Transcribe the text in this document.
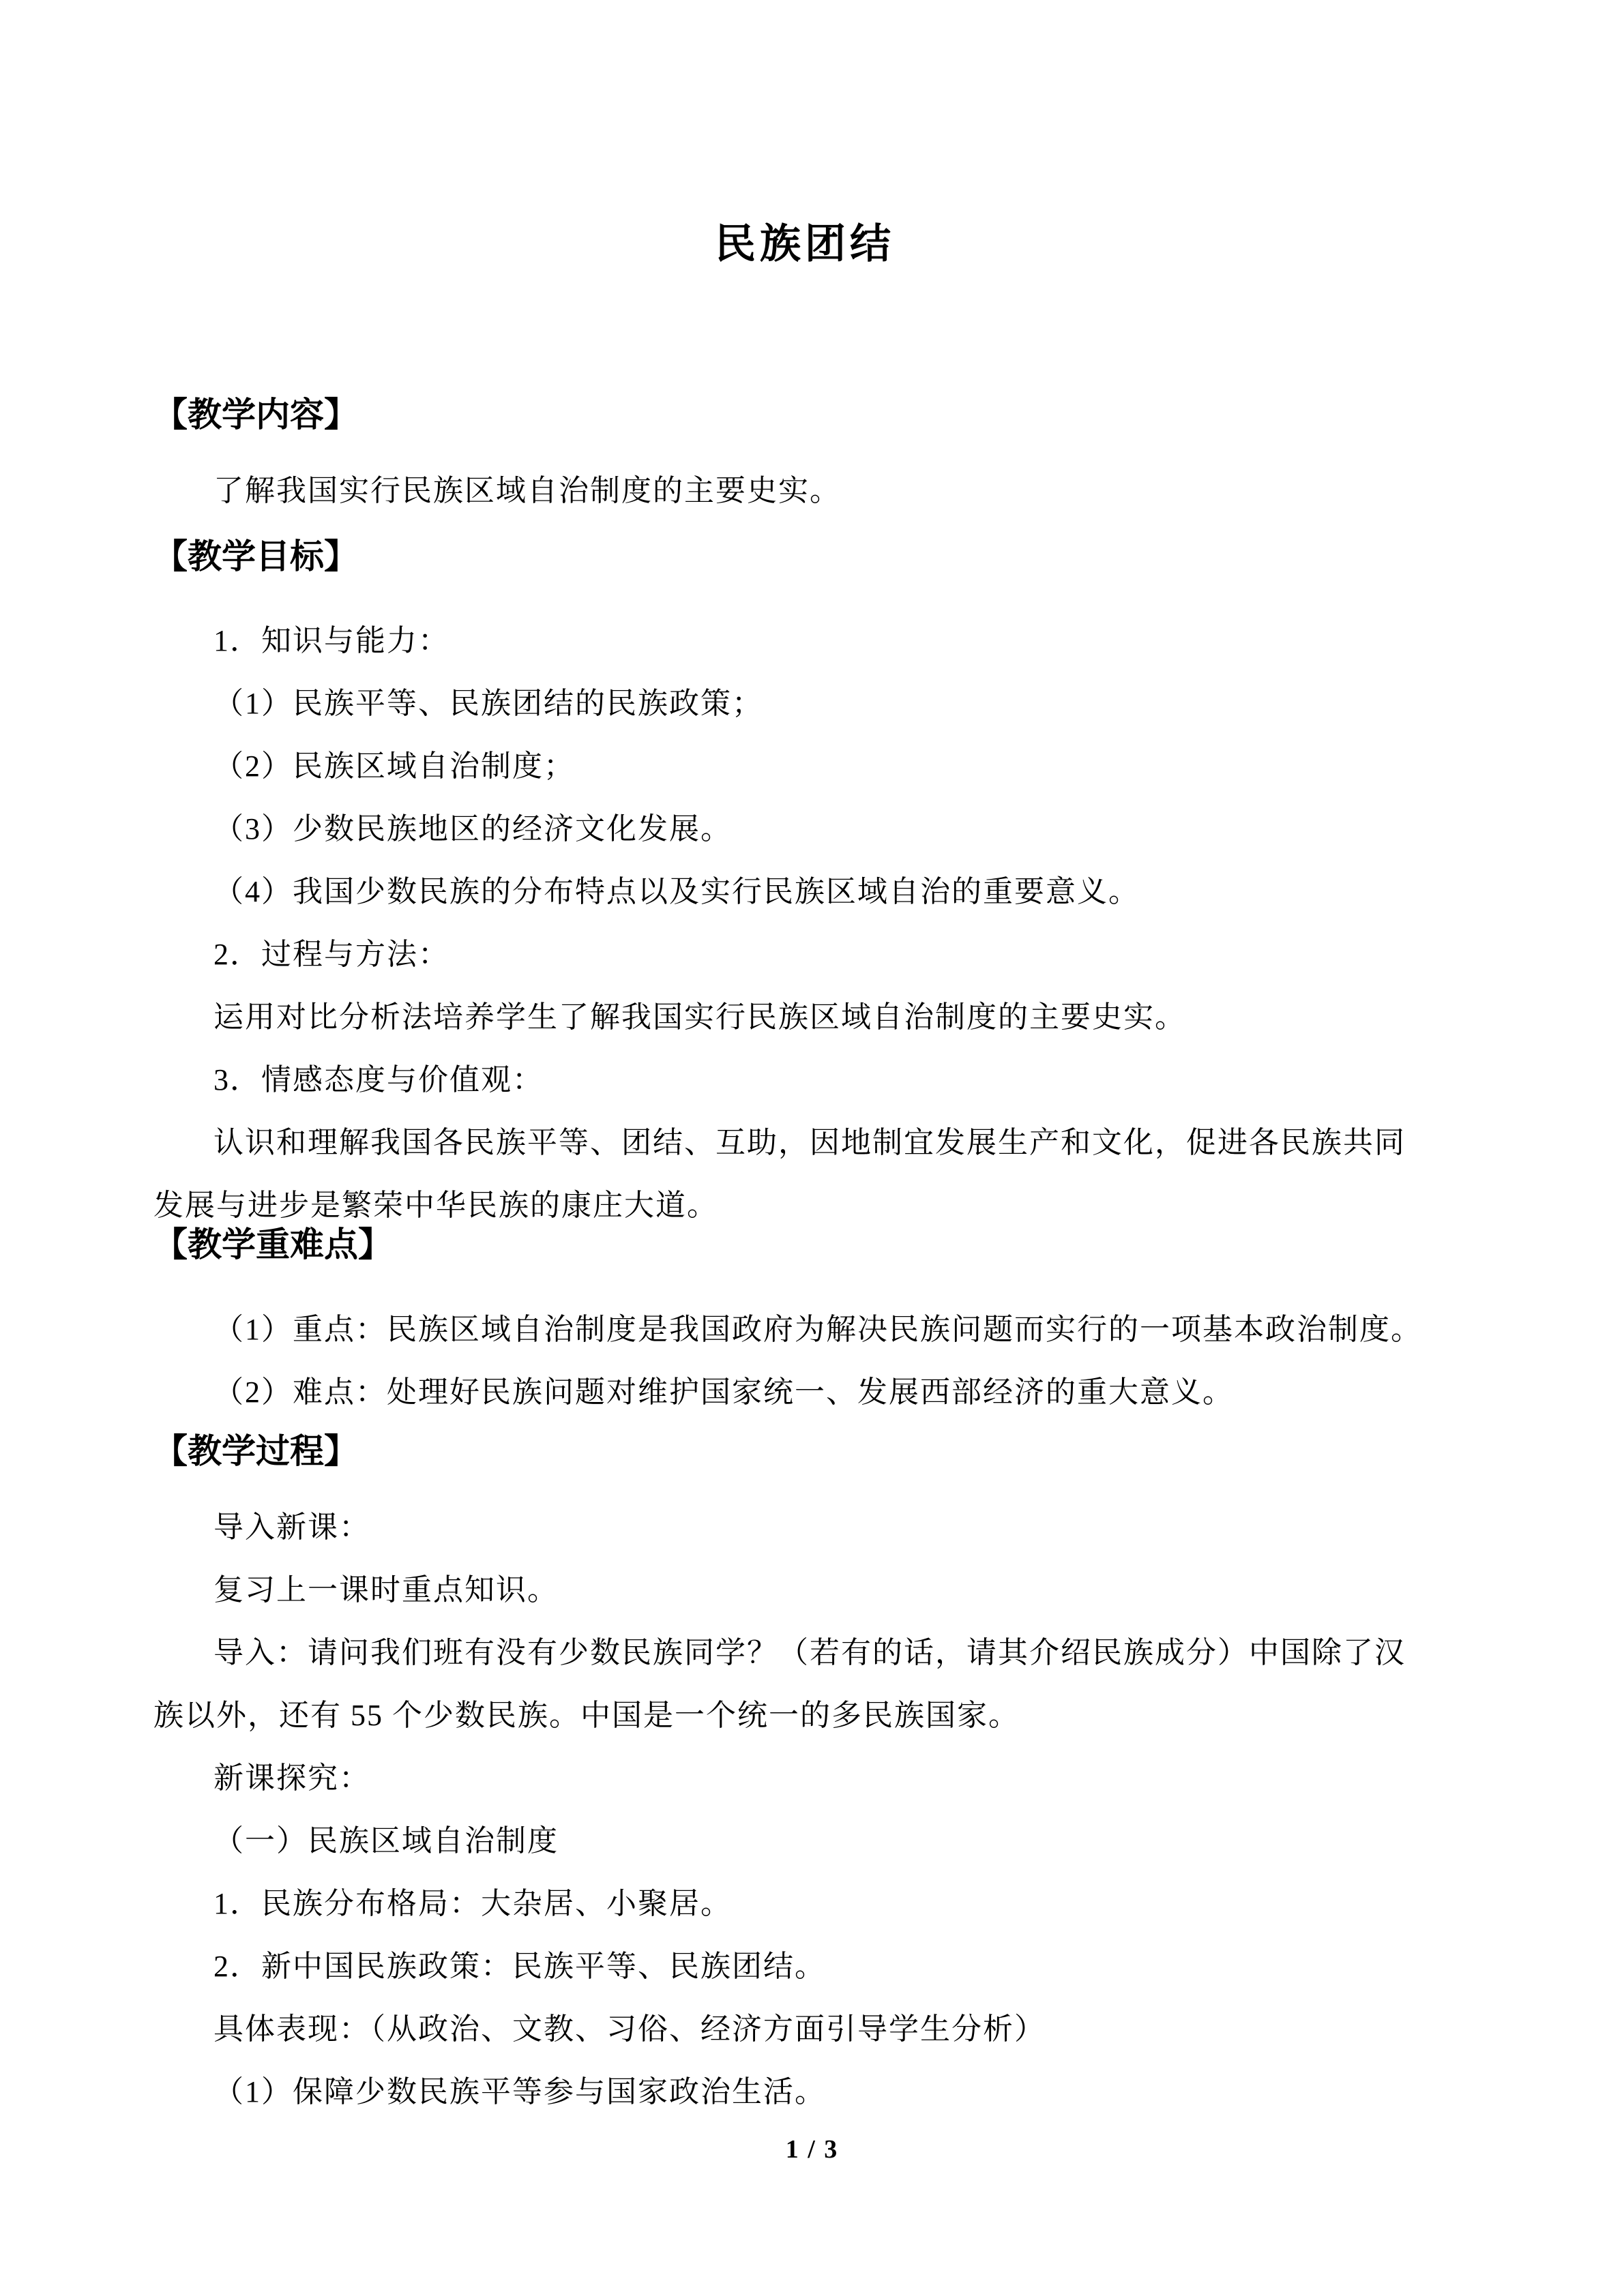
民族团结
【教学内容】
了解我国实行民族区域自治制度的主要史实。
【教学目标】
1．知识与能力：
（1）民族平等、民族团结的民族政策；
（2）民族区域自治制度；
（3）少数民族地区的经济文化发展。
（4）我国少数民族的分布特点以及实行民族区域自治的重要意义。
2．过程与方法：
运用对比分析法培养学生了解我国实行民族区域自治制度的主要史实。
3．情感态度与价值观：
认识和理解我国各民族平等、团结、互助，因地制宜发展生产和文化，促进各民族共同
发展与进步是繁荣中华民族的康庄大道。
【教学重难点】
（1）重点：民族区域自治制度是我国政府为解决民族问题而实行的一项基本政治制度。
（2）难点：处理好民族问题对维护国家统一、发展西部经济的重大意义。
【教学过程】
导入新课：
复习上一课时重点知识。
导入：请问我们班有没有少数民族同学？（若有的话，请其介绍民族成分）中国除了汉
族以外，还有 55 个少数民族。中国是一个统一的多民族国家。
新课探究：
（一）民族区域自治制度
1．民族分布格局：大杂居、小聚居。
2．新中国民族政策：民族平等、民族团结。
具体表现：（从政治、文教、习俗、经济方面引导学生分析）
（1）保障少数民族平等参与国家政治生活。
1 / 3
